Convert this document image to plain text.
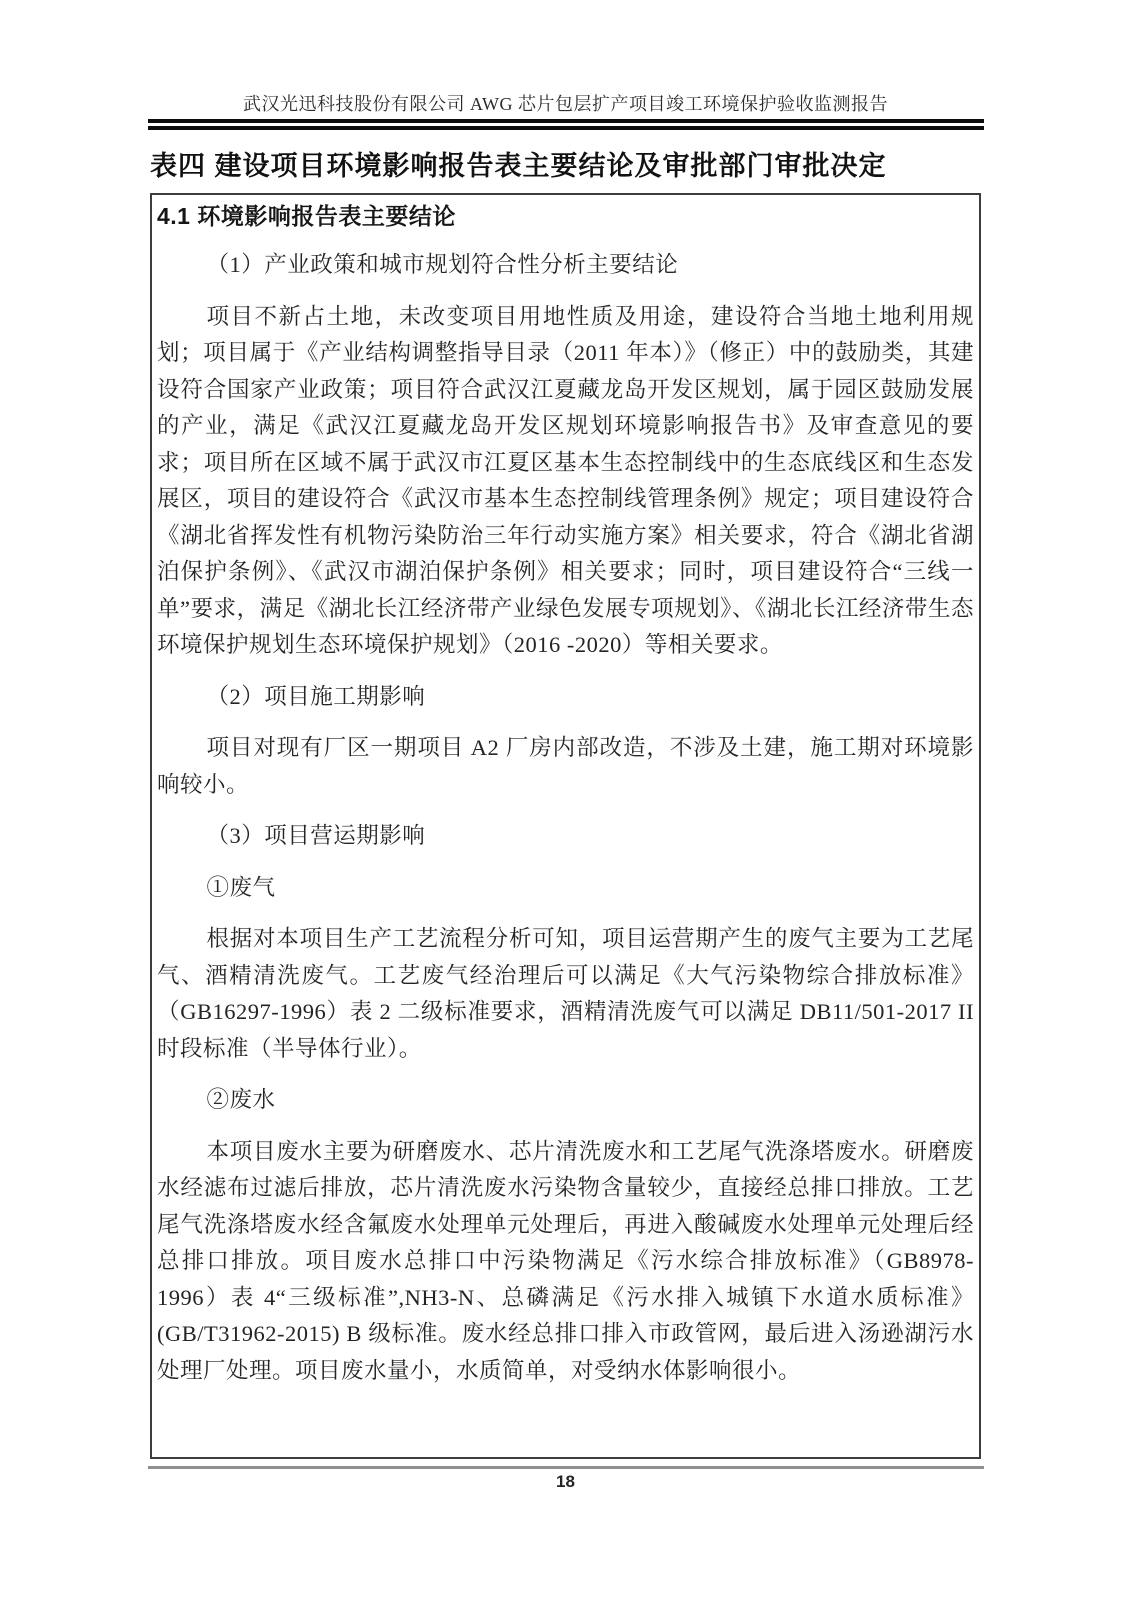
武汉光迅科技股份有限公司 AWG 芯片包层扩产项目竣工环境保护验收监测报告
表四 建设项目环境影响报告表主要结论及审批部门审批决定
4.1 环境影响报告表主要结论

（1）产业政策和城市规划符合性分析主要结论

项目不新占土地，未改变项目用地性质及用途，建设符合当地土地利用规划；项目属于《产业结构调整指导目录（2011 年本）》（修正）中的鼓励类，其建设符合国家产业政策；项目符合武汉江夏藏龙岛开发区规划，属于园区鼓励发展的产业，满足《武汉江夏藏龙岛开发区规划环境影响报告书》及审查意见的要求；项目所在区域不属于武汉市江夏区基本生态控制线中的生态底线区和生态发展区，项目的建设符合《武汉市基本生态控制线管理条例》规定；项目建设符合《湖北省挥发性有机物污染防治三年行动实施方案》相关要求，符合《湖北省湖泊保护条例》、《武汉市湖泊保护条例》相关要求；同时，项目建设符合“三线一单”要求，满足《湖北长江经济带产业绿色发展专项规划》、《湖北长江经济带生态环境保护规划生态环境保护规划》（2016 -2020）等相关要求。

（2）项目施工期影响

项目对现有厂区一期项目 A2 厂房内部改造，不涉及土建，施工期对环境影响较小。

（3）项目营运期影响

①废气

根据对本项目生产工艺流程分析可知，项目运营期产生的废气主要为工艺尾气、酒精清洗废气。工艺废气经治理后可以满足《大气污染物综合排放标准》（GB16297-1996）表 2 二级标准要求，酒精清洗废气可以满足 DB11/501-2017 II 时段标准（半导体行业）。

②废水

本项目废水主要为研磨废水、芯片清洗废水和工艺尾气洗涤塔废水。研磨废水经滤布过滤后排放，芯片清洗废水污染物含量较少，直接经总排口排放。工艺尾气洗涤塔废水经含氟废水处理单元处理后，再进入酸碱废水处理单元处理后经总排口排放。项目废水总排口中污染物满足《污水综合排放标准》（GB8978-1996）表 4“三级标准”,NH3-N、总磷满足《污水排入城镇下水道水质标准》(GB/T31962-2015) B 级标准。废水经总排口排入市政管网，最后进入汤逊湖污水处理厂处理。项目废水量小，水质简单，对受纳水体影响很小。

18
